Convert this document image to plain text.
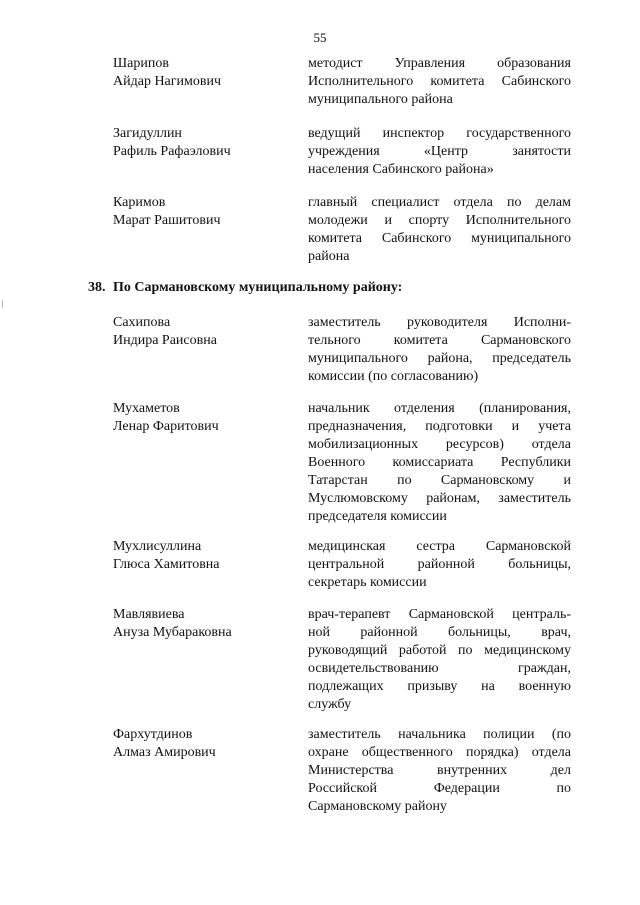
55
Шарипов
Айдар Нагимович
методист Управления образования
Исполнительного комитета Сабинского
муниципального района
Загидуллин
Рафиль Рафаэлович
ведущий инспектор государственного
учреждения «Центр занятости
населения Сабинского района»
Каримов
Марат Рашитович
главный специалист отдела по делам
молодежи и спорту Исполнительного
комитета Сабинского муниципального
района
38. По Сармановскому муниципальному району:
Сахипова
Индира Раисовна
заместитель руководителя Исполни-
тельного комитета Сармановского
муниципального района, председатель
комиссии (по согласованию)
Мухаметов
Ленар Фаритович
начальник отделения (планирования,
предназначения, подготовки и учета
мобилизационных ресурсов) отдела
Военного комиссариата Республики
Татарстан по Сармановскому и
Муслюмовскому районам, заместитель
председателя комиссии
Мухлисуллина
Глюса Хамитовна
медицинская сестра Сармановской
центральной районной больницы,
секретарь комиссии
Мавлявиева
Ануза Мубараковна
врач-терапевт Сармановской централь-
ной районной больницы, врач,
руководящий работой по медицинскому
освидетельствованию граждан,
подлежащих призыву на военную
службу
Фархутдинов
Алмаз Амирович
заместитель начальника полиции (по
охране общественного порядка) отдела
Министерства внутренних дел
Российской Федерации по
Сармановскому району
